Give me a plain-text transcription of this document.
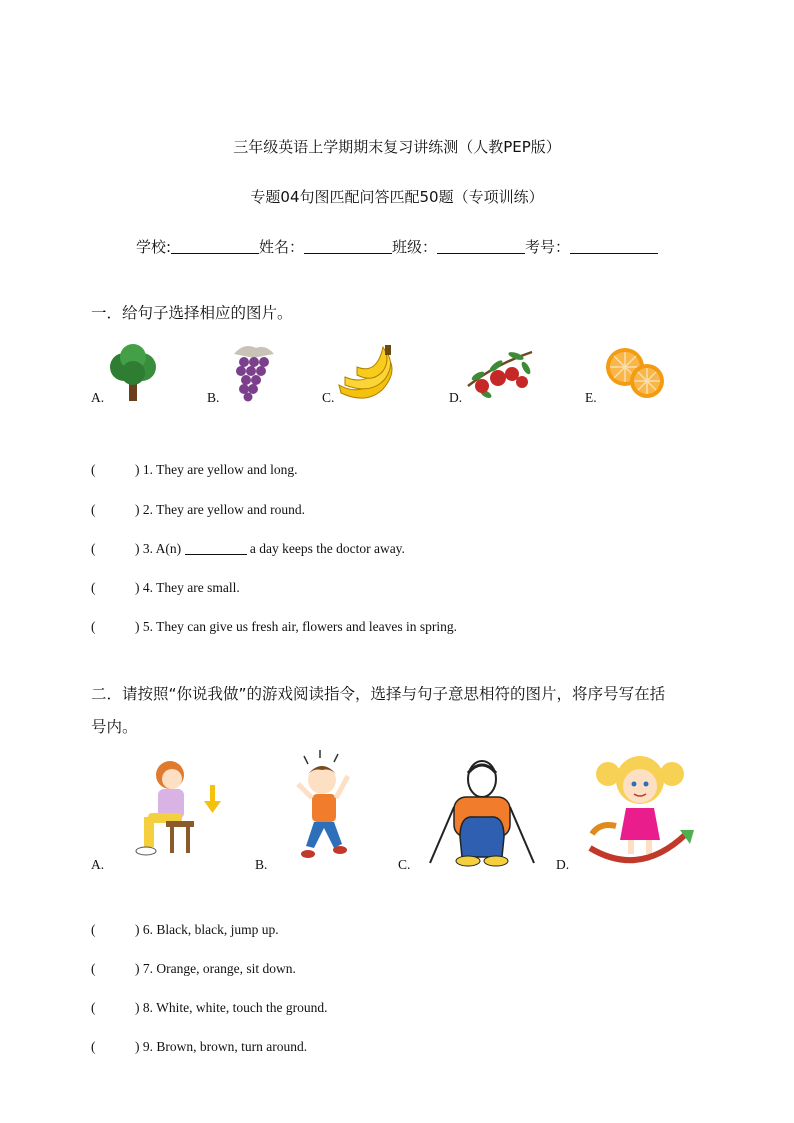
三年级英语上学期期末复习讲练测（人教PEP版）
专题04句图匹配问答匹配50题（专项训练）
学校:	姓名：	班级：	考号：
一．给句子选择相应的图片。
A.	B.	C.	D.	E.
(	) 1. They are yellow and long.
(	) 2. They are yellow and round.
(	) 3. A(n)	a day keeps the doctor away.
(	) 4. They are small.
(	) 5. They can give us fresh air, flowers and leaves in spring.
二．请按照“你说我做”的游戏阅读指令，选择与句子意思相符的图片，将序号写在括
号内。
A.	B.	C.	D.
(	) 6. Black, black, jump up.
(	) 7. Orange, orange, sit down.
(	) 8. White, white, touch the ground.
(	) 9. Brown, brown, turn around.
